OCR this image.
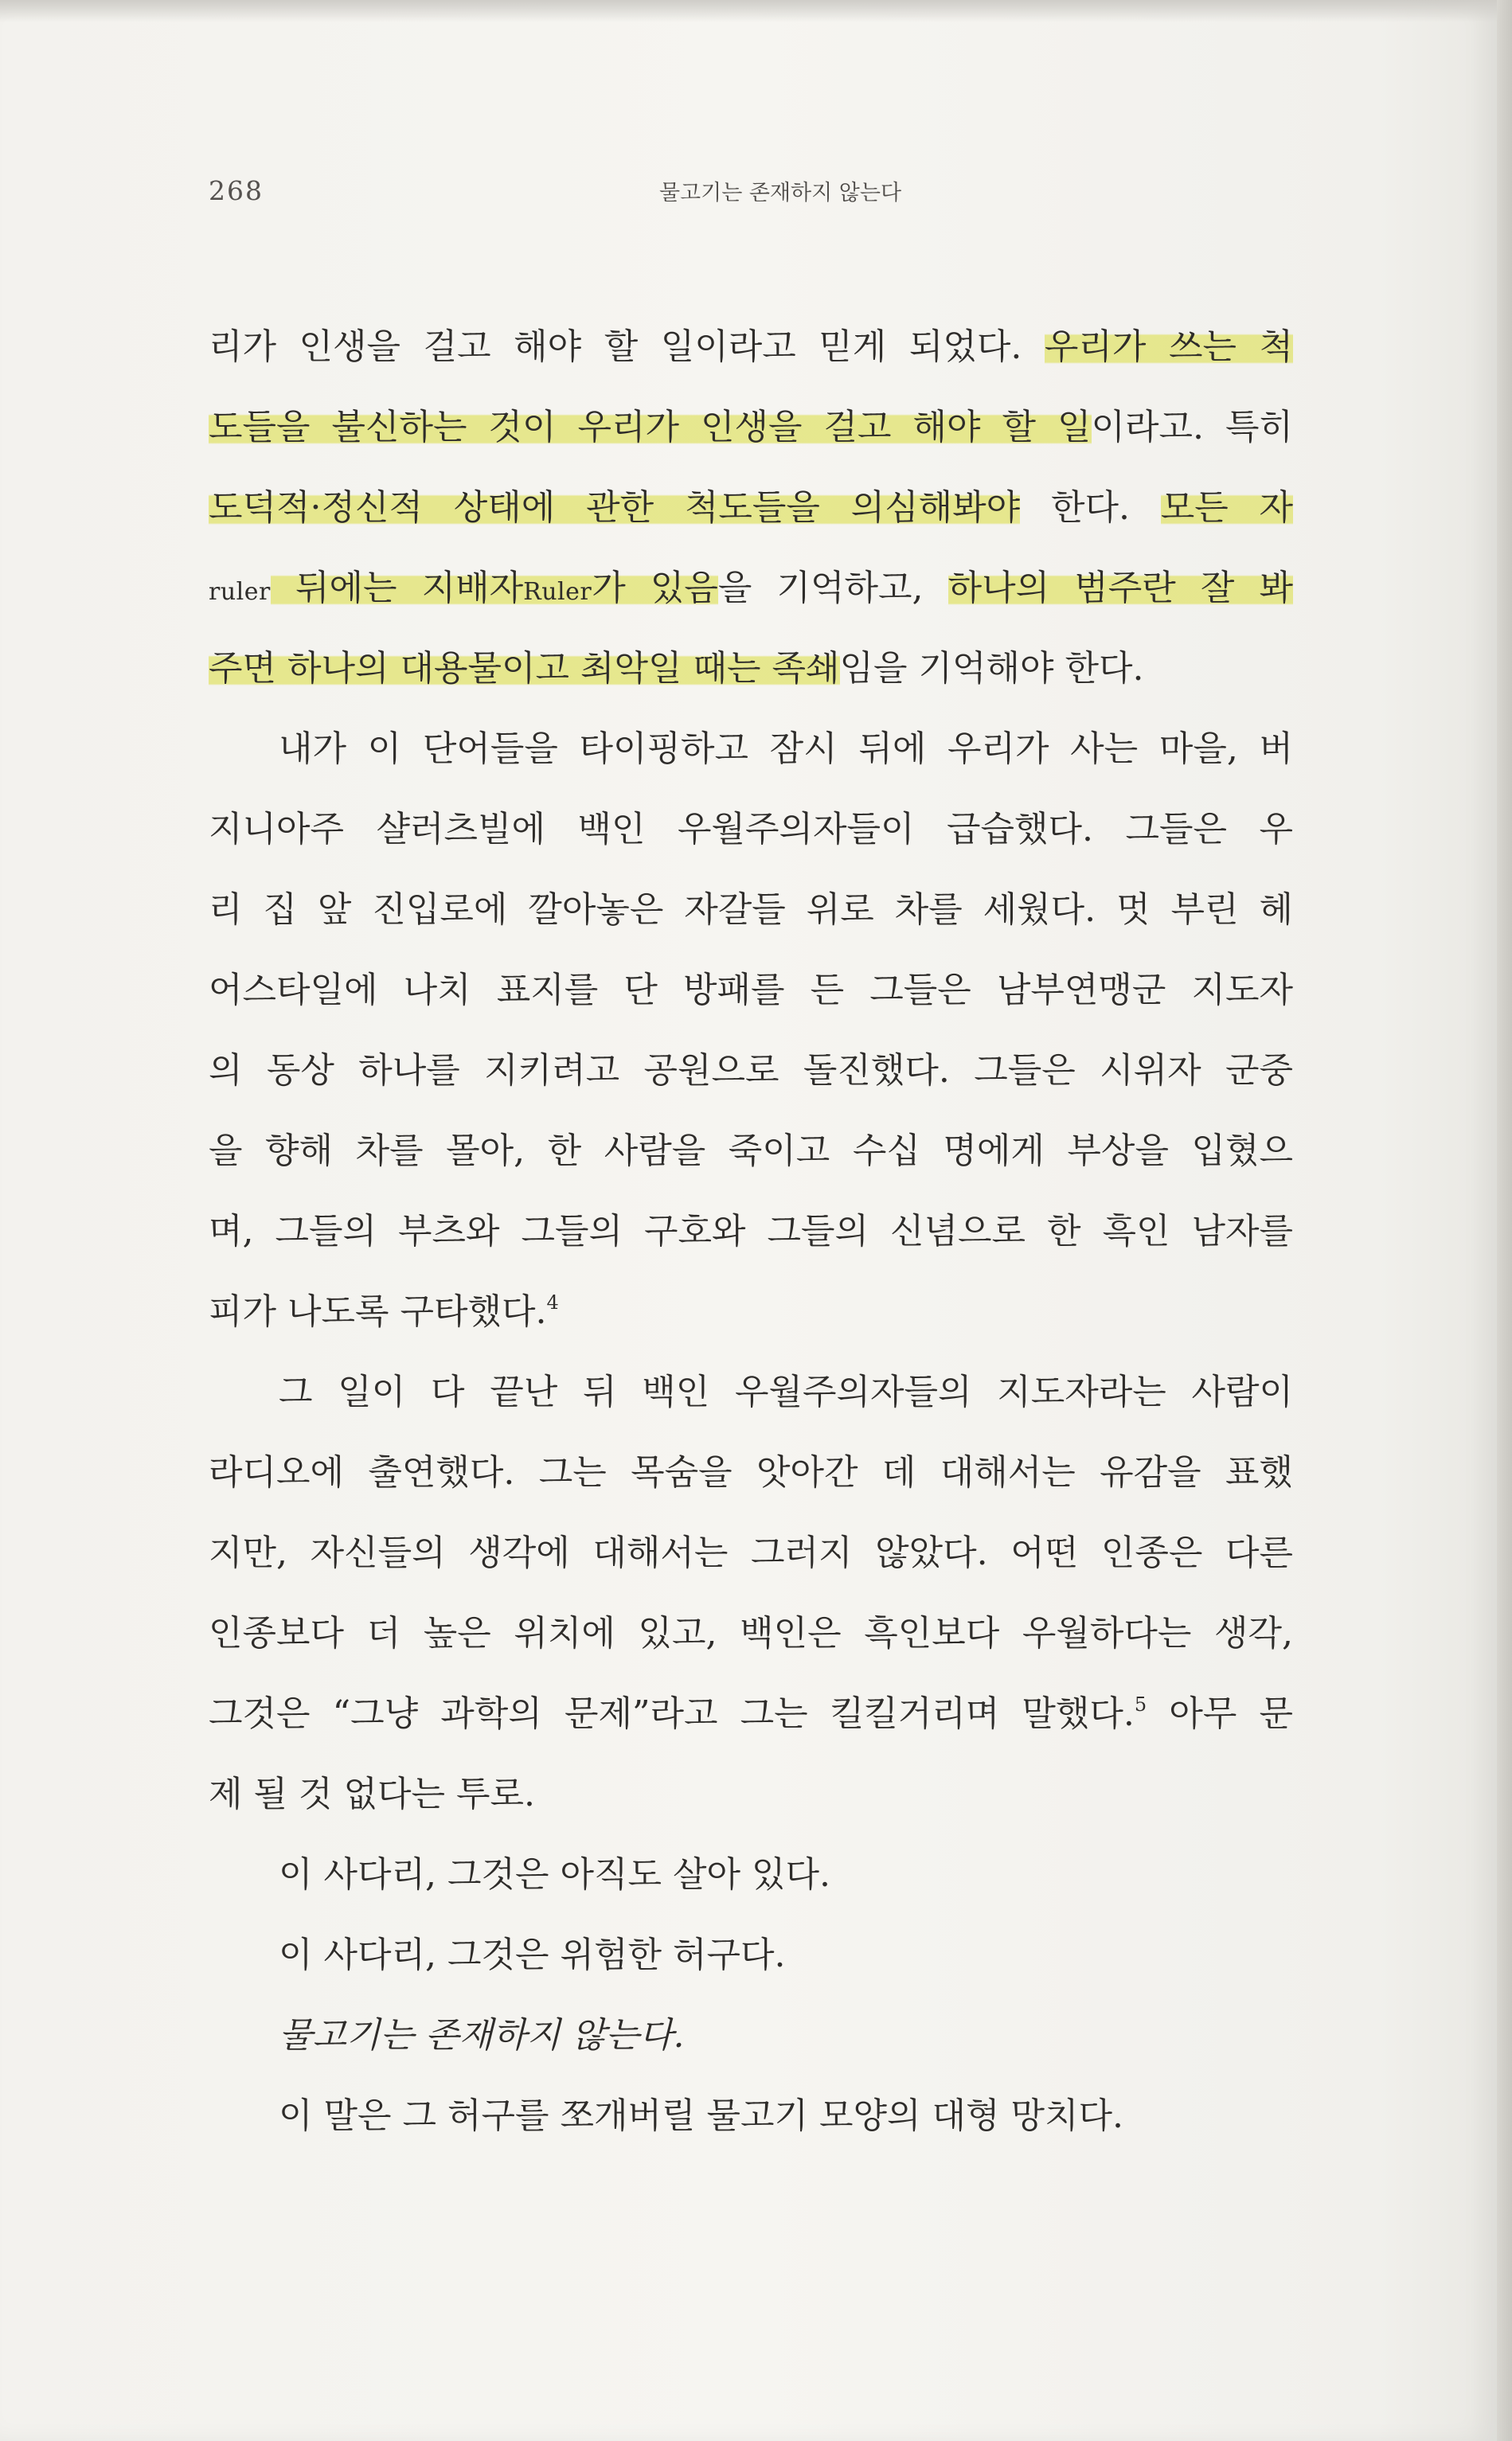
268	물고기는 존재하지 않는다
리가 인생을 걸고 해야 할 일이라고 믿게 되었다. 우리가 쓰는 척
도들을 불신하는 것이 우리가 인생을 걸고 해야 할 일이라고. 특히
도덕적·정신적 상태에 관한 척도들을 의심해봐야 한다. 모든 자
ruler 뒤에는 지배자Ruler가 있음을 기억하고, 하나의 범주란 잘 봐
주면 하나의 대용물이고 최악일 때는 족쇄임을 기억해야 한다.
내가 이 단어들을 타이핑하고 잠시 뒤에 우리가 사는 마을, 버
지니아주 샬러츠빌에 백인 우월주의자들이 급습했다. 그들은 우
리 집 앞 진입로에 깔아놓은 자갈들 위로 차를 세웠다. 멋 부린 헤
어스타일에 나치 표지를 단 방패를 든 그들은 남부연맹군 지도자
의 동상 하나를 지키려고 공원으로 돌진했다. 그들은 시위자 군중
을 향해 차를 몰아, 한 사람을 죽이고 수십 명에게 부상을 입혔으
며, 그들의 부츠와 그들의 구호와 그들의 신념으로 한 흑인 남자를
피가 나도록 구타했다.$^4$
그 일이 다 끝난 뒤 백인 우월주의자들의 지도자라는 사람이
라디오에 출연했다. 그는 목숨을 앗아간 데 대해서는 유감을 표했
지만, 자신들의 생각에 대해서는 그러지 않았다. 어떤 인종은 다른
인종보다 더 높은 위치에 있고, 백인은 흑인보다 우월하다는 생각,
그것은 “그냥 과학의 문제”라고 그는 킬킬거리며 말했다.$^5$ 아무 문
제 될 것 없다는 투로.
이 사다리, 그것은 아직도 살아 있다.
이 사다리, 그것은 위험한 허구다.
물고기는 존재하지 않는다.
이 말은 그 허구를 쪼개버릴 물고기 모양의 대형 망치다.
